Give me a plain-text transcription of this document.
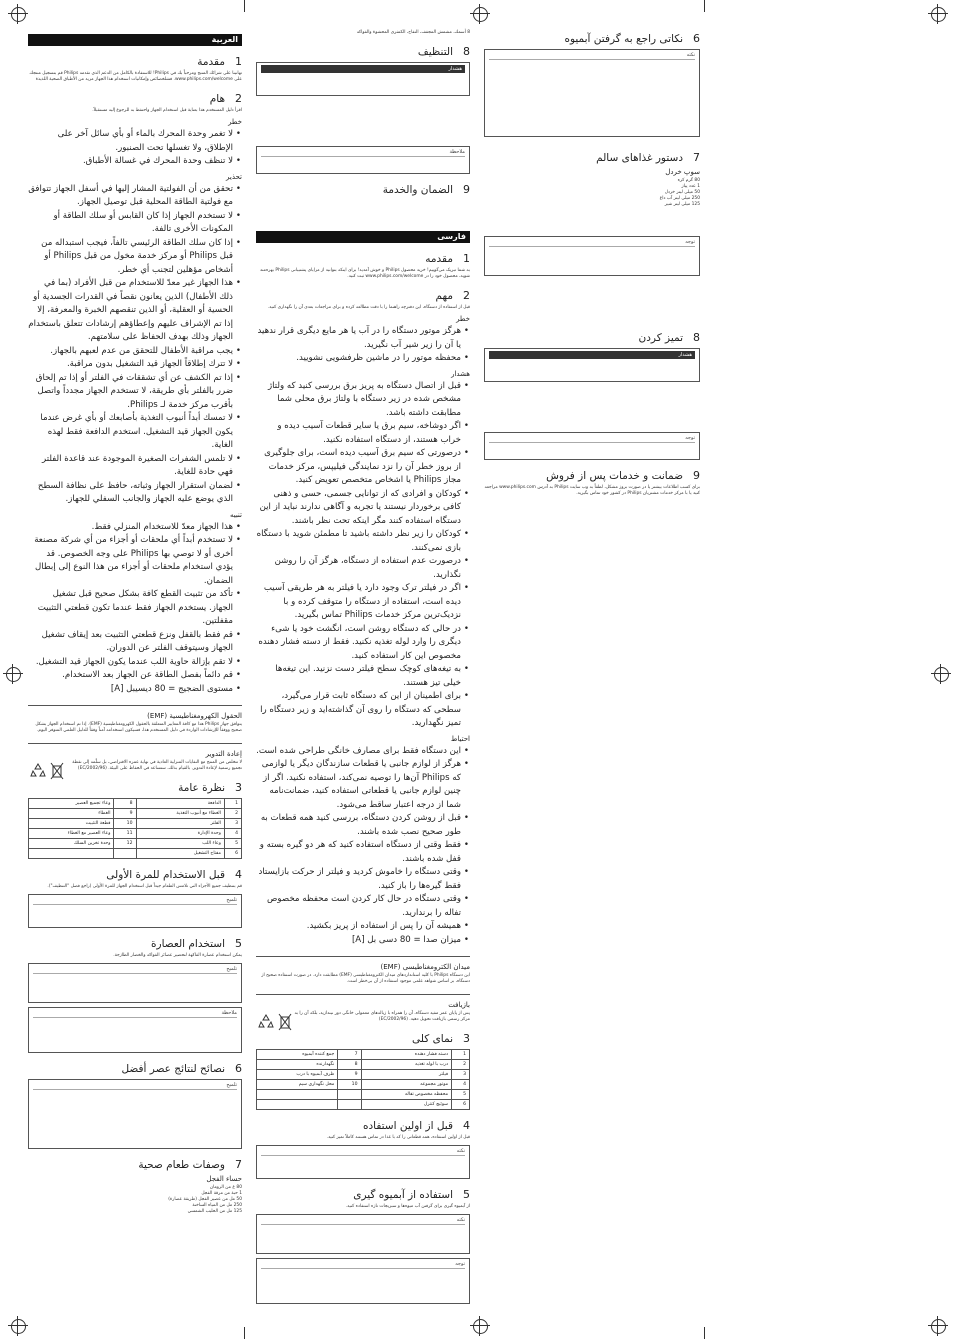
العربية
1
مقدمة
تهانينا على شرائك المنتج ومرحباً بك في Philips! للاستفادة بالكامل من الدعم الذي تقدمه Philips قم بتسجيل منتجك على www.philips.com/welcome. فشلخصائص وإمكانيات استخدام هذا الجهاز مزيد من الأطباق الصحية اللذيذة
2
هام
اقرأ دليل المستخدم هذا بعناية قبل استخدام الجهاز واحتفظ به للرجوع إليه مستقبلاً.
خطر
• لا تغمر وحدة المحرك بالماء أو بأي سائل آخر على الإطلاق، ولا تغسلها تحت الصنبور.
• لا تنظف وحدة المحرك في غسالة الأطباق.
تحذير
• تحقق من أن الفولتية المشار إليها في أسفل الجهاز تتوافق مع فولتية الطاقة المحلية قبل توصيل الجهاز.
• لا تستخدم الجهاز إذا كان القابس أو سلك الطاقة أو المكونات الأخرى تالفة.
• إذا كان سلك الطاقة الرئيسي تالفاً، فيجب استبداله من قبل Philips أو مركز خدمة مخول من قبل Philips أو أشخاص مؤهلين لتجنب أي خطر.
• هذا الجهاز غير معدّ للاستخدام من قبل الأفراد (بما في ذلك الأطفال) الذين يعانون نقصاً في القدرات الجسدية أو الحسية أو العقلية، أو الذين تنقصهم الخبرة والمعرفة، إلا إذا تم الإشراف عليهم وإعطاؤهم إرشادات تتعلق باستخدام الجهاز وذلك بهدف الحفاظ على سلامتهم.
• يجب مراقبة الأطفال للتحقق من عدم لعبهم بالجهاز.
• لا تترك إطلاقاً الجهاز قيد التشغيل بدون مراقبة.
• إذا تم الكشف عن أي تشققات في الفلتر أو إذا تم إلحاق ضرر بالفلتر بأي طريقة، لا تستخدم الجهاز مجدداً واتصل بأقرب مركز خدمة لـ Philips.
• لا تمسك أبداً أنبوب التغذية بأصابعك أو بأي غرض عندما يكون الجهاز قيد التشغيل. استخدم الدافعة فقط لهذه الغاية.
• لا تلمس الشفرات الصغيرة الموجودة عند قاعدة الفلتر فهي حادة للغاية.
• لضمان استقرار الجهاز وثباته، حافظ على نظافة السطح الذي يوضع عليه الجهاز والجانب السفلي للجهاز.
تنبيه
• هذا الجهاز معدّ للاستخدام المنزلي فقط.
• لا تستخدم أبداً أي ملحقات أو أجزاء من أي شركة مصنعة أخرى أو لا توصي بها Philips على وجه الخصوص. قد يؤدي استخدام ملحقات أو أجزاء من هذا النوع إلى إبطال الضمان.
• تأكد من تثبيت القطع كافة بشكل صحيح قبل تشغيل الجهاز. يستخدم الجهاز فقط عندما تكون قطعتي التثبيت مقفلتين.
• قم فقط بالقفل ونزع قطعتي التثبيت بعد إيقاف تشغيل الجهاز وسيتوقف الفلتر عن الدوران.
• لا تقم بإزالة حاوية اللب عندما يكون الجهاز قيد التشغيل.
• قم دائماً بفصل الطاقة عن الجهاز بعد الاستخدام.
• مستوى الضجيج = 80 ديسيبل [A]
الحقول الكهرومغناطيسية (EMF)
يتوافق جهاز Philips هذا مع كافة المعايير المتعلقة بالحقول الكهرومغناطيسية (EMF). إذا تم استخدام الجهاز بشكل صحيح ووفقاً للإرشادات الواردة في دليل المستخدم هذا، فسيكون استخدامه آمناً وفقاً للدليل العلمي المتوفر اليوم.
إعادة التدوير
لا تتخلص من المنتج مع النفايات المنزلية العادية في نهاية عمره الافتراضي، بل سلّمه إلى نقطة تجميع رسمية لإعادة التدوير. بالقيام بذلك، ستساعد في الحفاظ على البيئة. (2002/96/EC)
3
نظرة عامة
1	الدافعة	8	وعاء تجميع العصير
2	الغطاء مع أنبوب التغذية	9	الغطاء
3	الفلتر	10	قطعة التثبيت
4	وحدة الإدارة	11	وعاء العصير مع الغطاء
5	وعاء اللب	12	وحدة تخزين السلك
6	مفتاح التشغيل		
4
قبل الاستخدام للمرة الأولى
قم بتنظيف جميع الأجزاء التي تلامس الطعام جيداً قبل استخدام الجهاز للمرة الأولى (راجع فصل "التنظيف").
تلميح

5
استخدام العصارة
يمكن استخدام عصارة الفاكهة لتحضير عصائر الفواكه والخضار الطازجة.
تلميح

ملاحظة

6
نصائح لنتائج عصر أفضل
تلميح

7
وصفات طعام صحية
حساء الفجل
80 غ من الرومان
1 حبة من مرقة الفجل
50 مل من عصير الفجل (طريقة عصارة)
250 مل من المياه الساخنة
125 مل من الحليب الشمسي
8 أسمك، مشمش المجفف، التفاح، الكمثرى المحشوة والفواكه
8
التنظيف
هشدار

ملاحظة

9
الضمان والخدمة

فارسی
1
مقدمه
به شما تبریک می‌گوییم! خرید محصول Philips و خوش آمدید! برای اینکه بتوانید از مزایای پشتیبانی Philips بهره‌مند شوید، محصول خود را در www.philips.com/welcome ثبت کنید.
2
مهم
قبل از استفاده از دستگاه، این دفترچه راهنما را با دقت مطالعه کرده و برای مراجعات بعدی آن را نگهداری کنید.
خطر
• هرگز موتور دستگاه را در آب یا هر مایع دیگری قرار ندهید یا آن را زیر شیر آب نگیرید.
• محفظه موتور را در ماشین ظرفشویی نشویید.
هشدار
• قبل از اتصال دستگاه به پریز برق بررسی کنید که ولتاژ مشخص شده در زیر دستگاه با ولتاژ برق محلی شما مطابقت داشته باشد.
• اگر دوشاخه، سیم برق یا سایر قطعات آسیب دیده و خراب هستند، از دستگاه استفاده نکنید.
• درصورتی که سیم برق آسیب دیده است، برای جلوگیری از بروز خطر آن را نزد نمایندگی فیلیپس، مرکز خدمات مجاز Philips یا اشخاص متخصص تعویض کنید.
• کودکان و افرادی که از توانایی جسمی، حسی و ذهنی کافی برخوردار نیستند یا تجربه و آگاهی ندارند نباید از این دستگاه استفاده کنند مگر اینکه تحت نظر باشند.
• کودکان را زیر نظر داشته باشید تا مطمئن شوید با دستگاه بازی نمی‌کنند.
• درصورت عدم استفاده از دستگاه، هرگز آن را روشن نگذارید.
• اگر در فیلتر ترک وجود دارد یا فیلتر به هر طریقی آسیب دیده است، استفاده از دستگاه را متوقف کرده و با نزدیک‌ترین مرکز خدمات Philips تماس بگیرید.
• در حالی که دستگاه روشن است، انگشت خود یا شیء دیگری را وارد لوله تغذیه نکنید. فقط از دسته فشار دهنده مخصوص این کار استفاده کنید.
• به تیغه‌های کوچک سطح فیلتر دست نزنید. این تیغه‌ها خیلی تیز هستند.
• برای اطمینان از این که دستگاه ثابت قرار می‌گیرد، سطحی که دستگاه را روی آن گذاشته‌اید و زیر دستگاه را تمیز نگهدارید.
احتیاط
• این دستگاه فقط برای مصارف خانگی طراحی شده است.
• هرگز از لوازم جانبی یا قطعات سازندگان دیگر یا لوازمی که Philips آن‌ها را توصیه نمی‌کند، استفاده نکنید. اگر از چنین لوازم جانبی یا قطعاتی استفاده کنید، ضمانت‌نامه شما از درجه اعتبار ساقط می‌شود.
• قبل از روشن کردن دستگاه، بررسی کنید همه قطعات به طور صحیح نصب شده باشند.
• فقط وقتی از دستگاه استفاده کنید که هر دو گیره بسته و قفل شده باشند.
• وقتی دستگاه را خاموش کردید و فیلتر از حرکت بازایستاد فقط گیره‌ها را باز کنید.
• وقتی دستگاه در حال کار کردن است محفظه مخصوص تفاله را برندارید.
• همیشه آن را پس از استفاده از پریز بکشید.
• میزان صدا = 80 دسی بل [A]
میدان الکترومغناطیسی (EMF)
این دستگاه Philips با کلیه استانداردهای میدان الکترومغناطیسی (EMF) مطابقت دارد. در صورت استفاده صحیح از دستگاه، بر اساس شواهد علمی موجود استفاده از آن بی‌خطر است.
بازیافت
پس از پایان عمر مفید دستگاه، آن را همراه با زباله‌های معمولی خانگی دور نیندازید، بلکه آن را به مرکز رسمی بازیافت تحویل دهید. (2002/96/EC)
3
نمای کلی
1	دسته فشار دهنده	7	جمع کننده آبمیوه
2	درب با لوله تغذیه	8	نگهدارنده
3	فیلتر	9	ظرف آبمیوه با درب
4	موتور مجموعه	10	محل نگهداری سیم
5	محفظه مخصوص تفاله		
6	سوئیچ کنترل		
4
قبل از اولین استفاده
قبل از اولین استفاده، همه قطعاتی را که با غذا در تماس هستند کاملاً تمیز کنید.
نکته

5
استفاده از آبمیوه گیری
از آبمیوه گیری برای گرفتن آب میوه‌ها و سبزیجات تازه استفاده کنید.
نکته

توجه

6
نکاتی راجع به گرفتن آبمیوه
نکته

7
دستور غذاهای سالم
سوپ خردل
80 گرم کره
1 عدد پیاز
50 میلی لیتر خردل
250 میلی لیتر آب داغ
125 میلی لیتر شیر

توجه

8
تمیز کردن
هشدار

توجه

9
ضمانت و خدمات پس از فروش
برای کسب اطلاعات بیشتر یا در صورت بروز مشکل، لطفاً به وب سایت Philips به آدرس www.philips.com مراجعه کنید یا با مرکز خدمات مشتریان Philips در کشور خود تماس بگیرید.
